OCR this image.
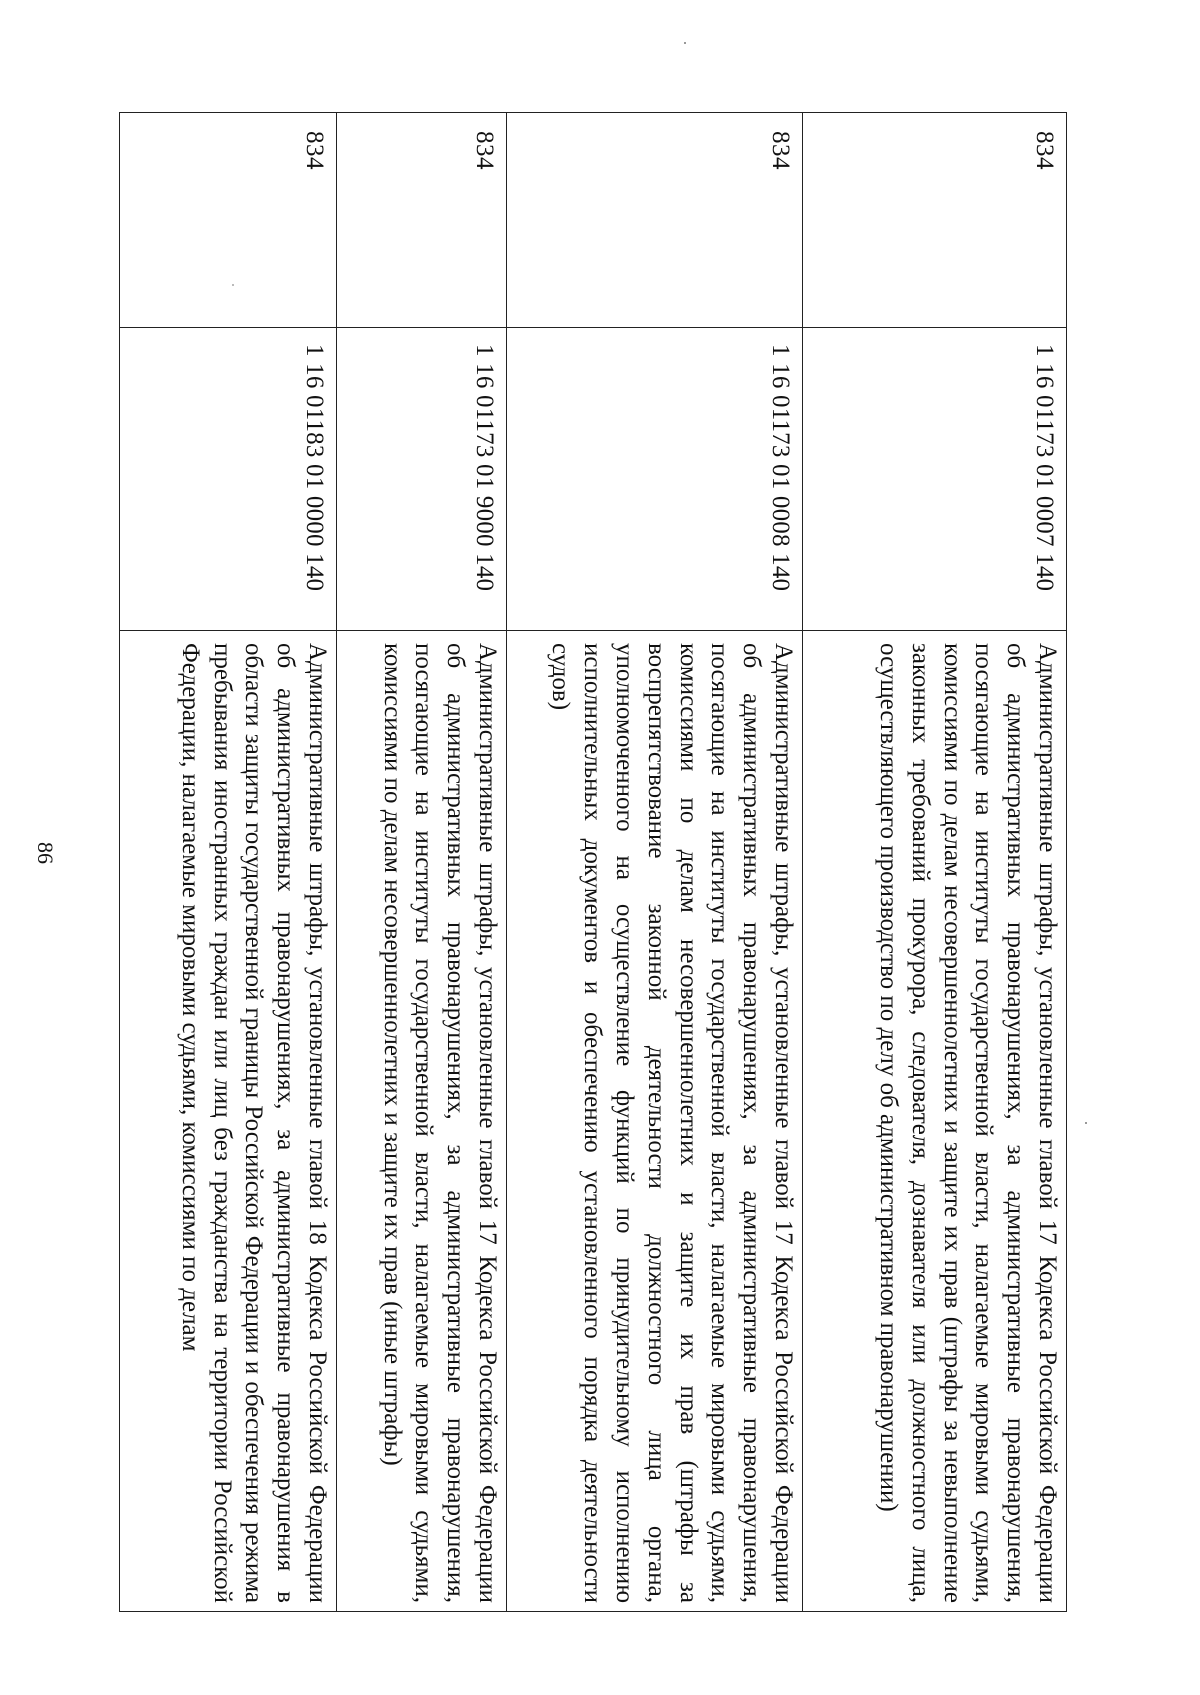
86
834
1 16 01173 01 0007 140
Административные штрафы, установленные главой 17 Кодекса Российской Федерации об административных правонарушениях, за административные правонарушения, посягающие на институты государственной власти, налагаемые мировыми судьями, комиссиями по делам несовершеннолетних и защите их прав (штрафы за невыполнение законных требований прокурора, следователя, дознавателя или должностного лица, осуществляющего производство по делу об административном правонарушении)
834
1 16 01173 01 0008 140
Административные штрафы, установленные главой 17 Кодекса Российской Федерации об административных правонарушениях, за административные правонарушения, посягающие на институты государственной власти, налагаемые мировыми судьями, комиссиями по делам несовершеннолетних и защите их прав (штрафы за воспрепятствование законной деятельности должностного лица органа, уполномоченного на осуществление функций по принудительному исполнению исполнительных документов и обеспечению установленного порядка деятельности судов)
834
1 16 01173 01 9000 140
Административные штрафы, установленные главой 17 Кодекса Российской Федерации об административных правонарушениях, за административные правонарушения, посягающие на институты государственной власти, налагаемые мировыми судьями, комиссиями по делам несовершеннолетних и защите их прав (иные штрафы)
834
1 16 01183 01 0000 140
Административные штрафы, установленные главой 18 Кодекса Российской Федерации об административных правонарушениях, за административные правонарушения в области защиты государственной границы Российской Федерации и обеспечения режима пребывания иностранных граждан или лиц без гражданства на территории Российской Федерации, налагаемые мировыми судьями, комиссиями по делам
